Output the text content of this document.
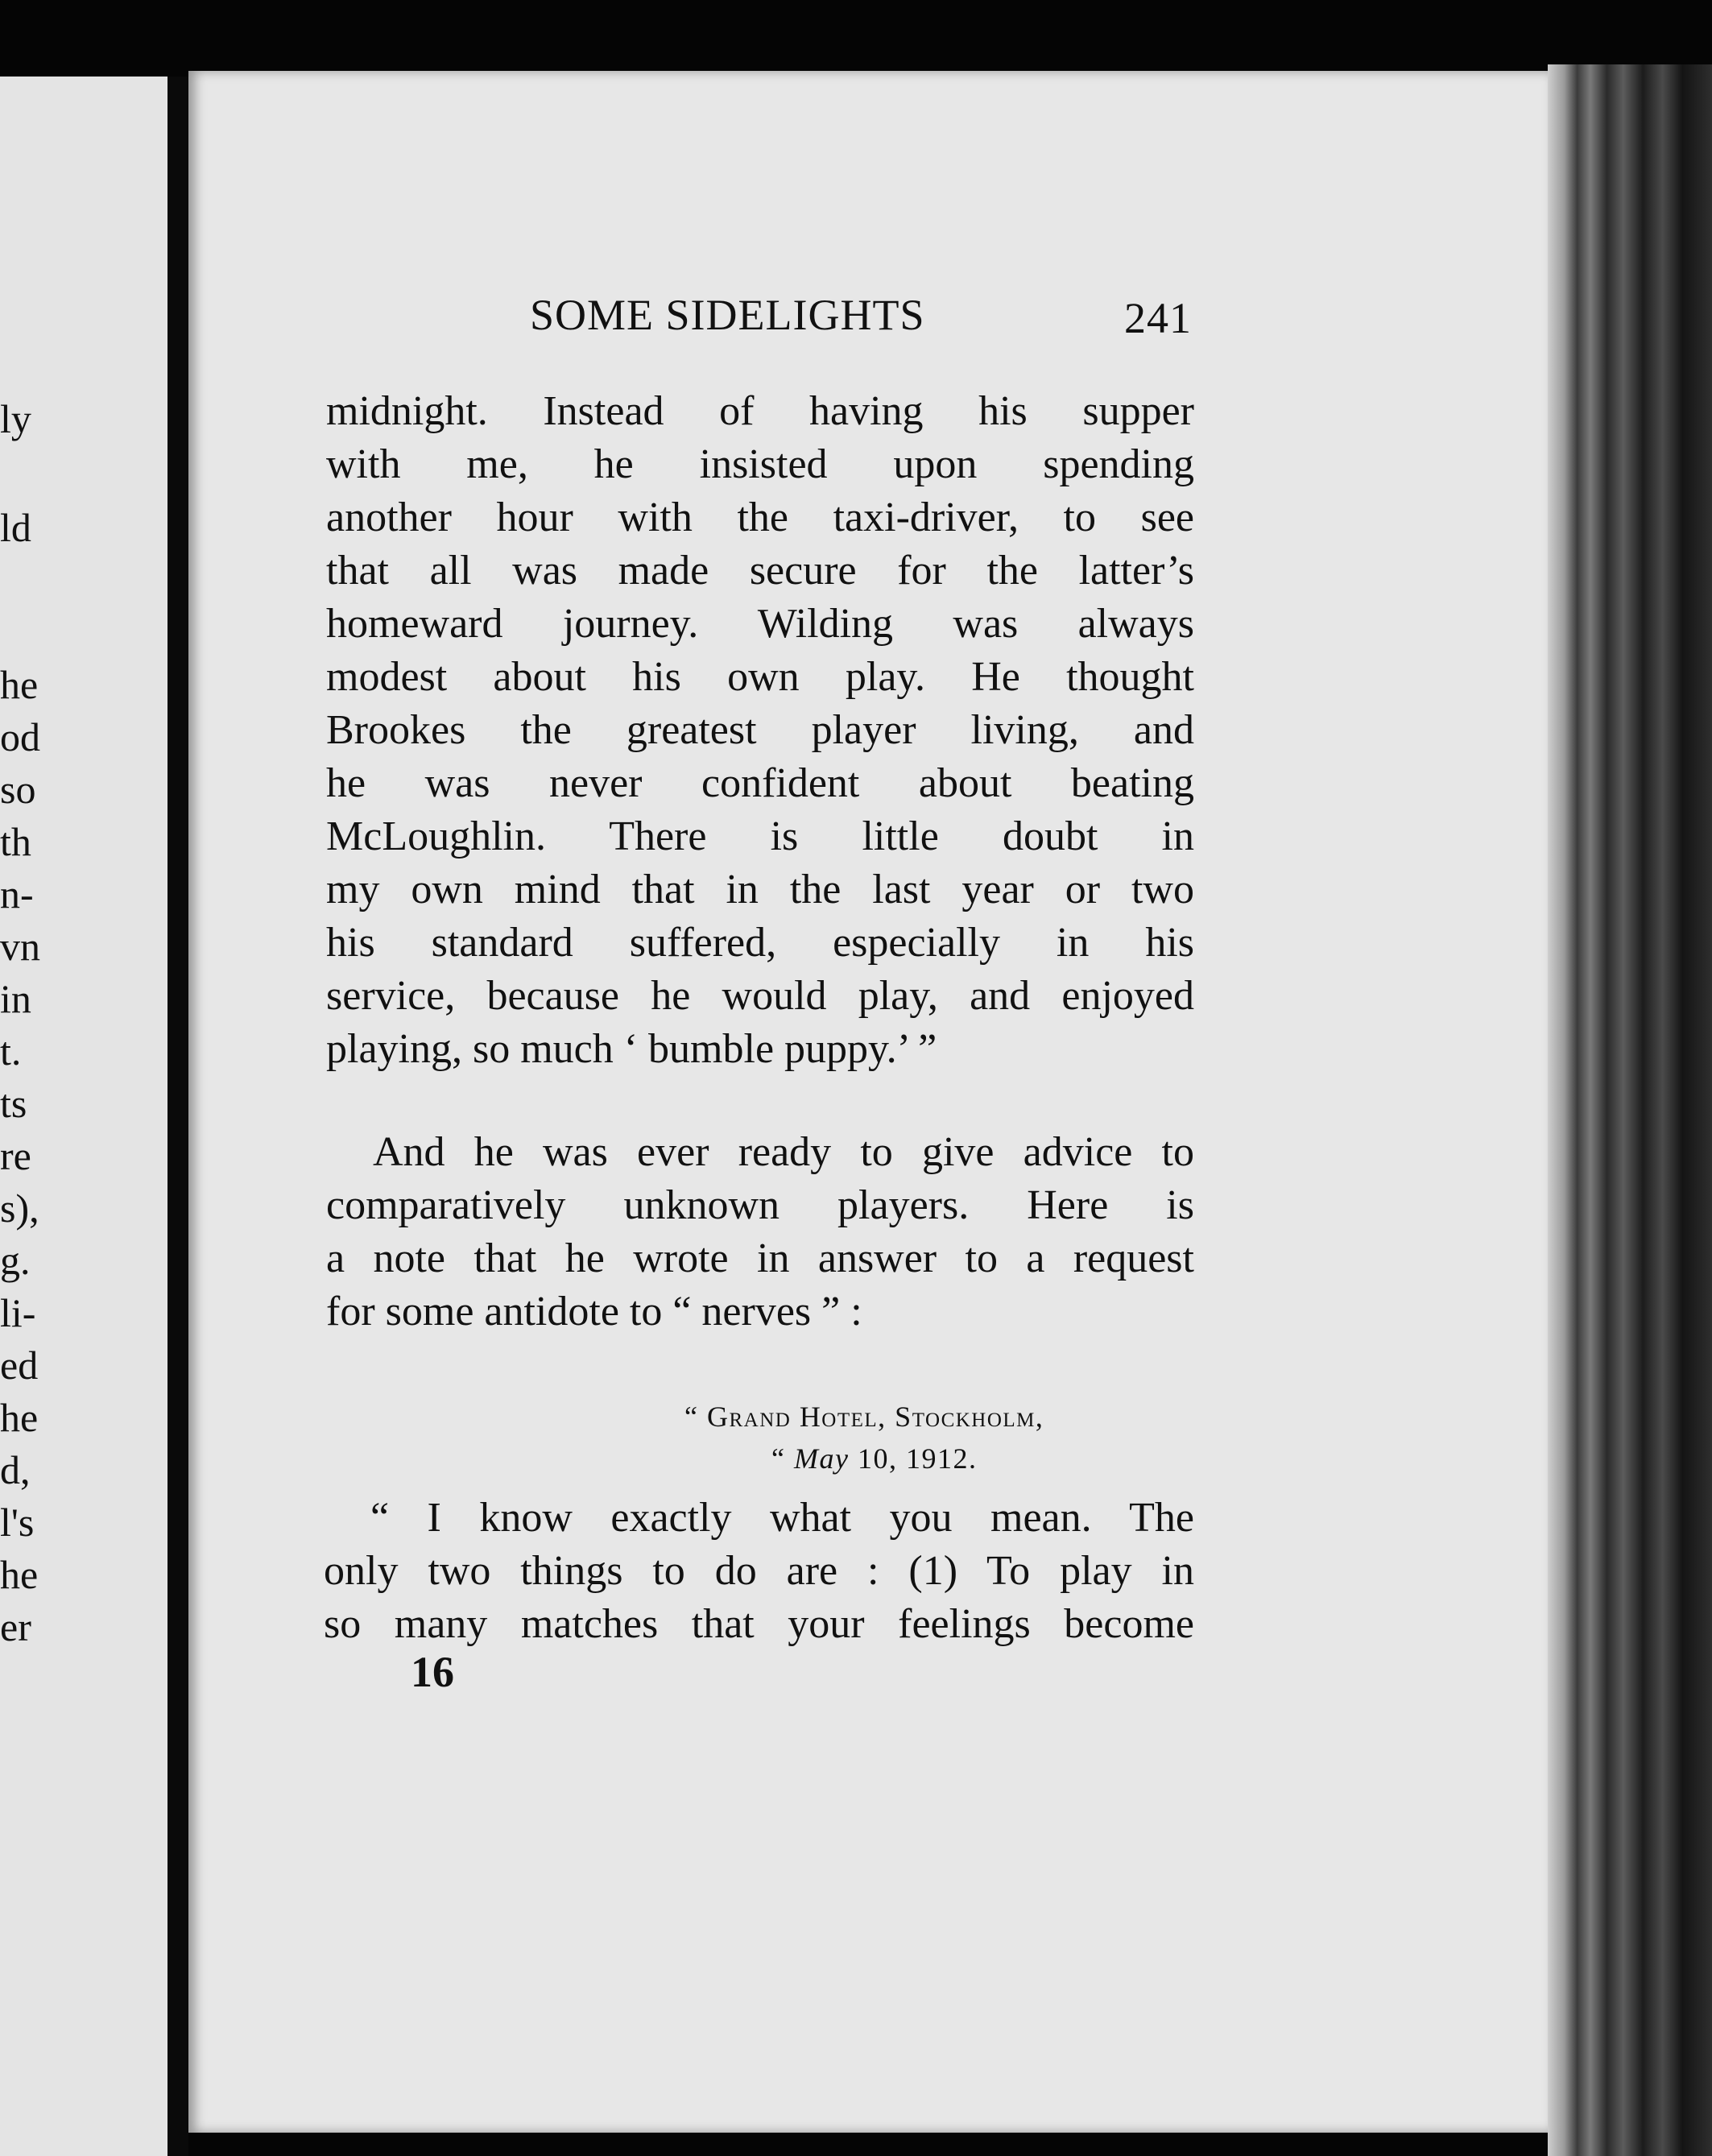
ly
ld
he
od
so
th
n-
vn
in
t.
ts
re
s),
g.
li-
ed
he
d,
l's
he
er
SOME SIDELIGHTS	241
midnight. Instead of having his supper
with me, he insisted upon spending
another hour with the taxi-driver, to see
that all was made secure for the latter’s
homeward journey. Wilding was always
modest about his own play. He thought
Brookes the greatest player living, and
he was never confident about beating
McLoughlin. There is little doubt in
my own mind that in the last year or two
his standard suffered, especially in his
service, because he would play, and enjoyed
playing, so much ‘ bumble puppy.’ ”
And he was ever ready to give advice to
comparatively unknown players. Here is
a note that he wrote in answer to a request
for some antidote to “ nerves ” :
“ Grand Hotel, Stockholm,
“ May 10, 1912.
“ I know exactly what you mean. The
only two things to do are : (1) To play in
so many matches that your feelings become
16
